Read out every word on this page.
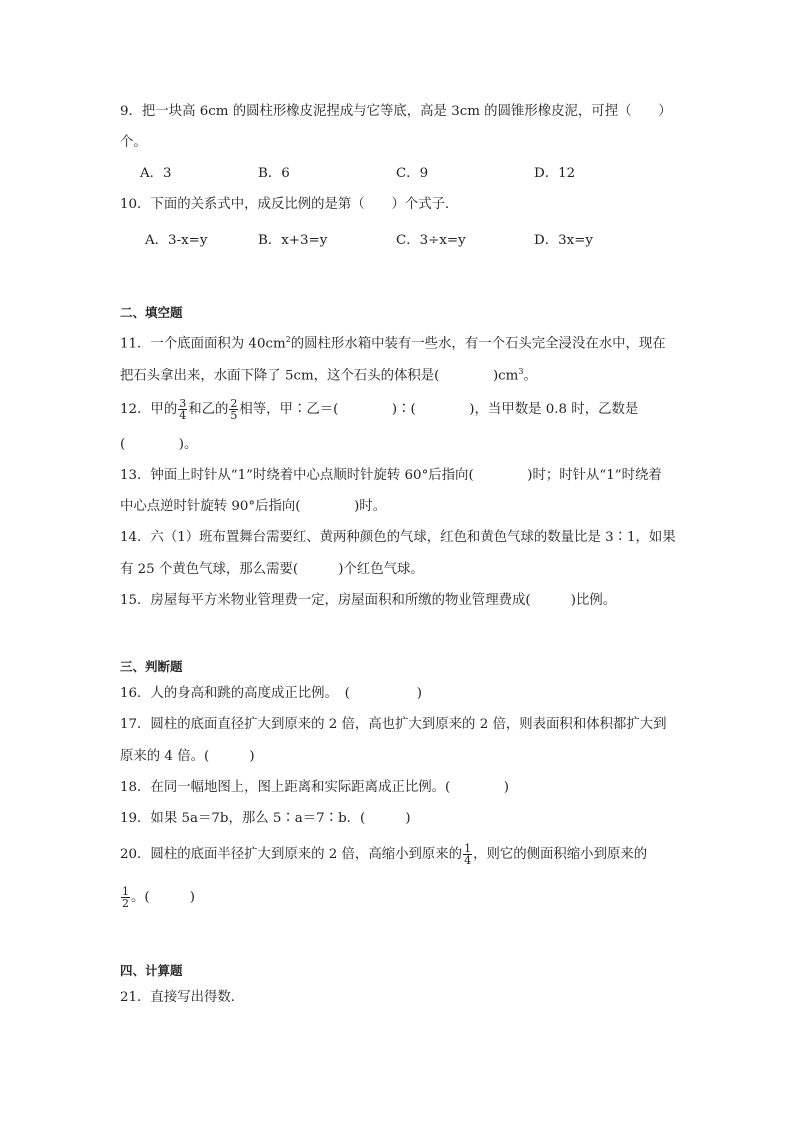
9．把一块高 6cm 的圆柱形橡皮泥捏成与它等底，高是 3cm 的圆锥形橡皮泥，可捏（　　）
个。
A．3	B．6	C．9	D．12
10．下面的关系式中，成反比例的是第（　　）个式子．
A．3-x=y	B．x+3=y	C．3÷x=y	D．3x=y
二、填空题
11．一个底面面积为 $40cm^2$的圆柱形水箱中装有一些水，有一个石头完全浸没在水中，现在
把石头拿出来，水面下降了 5cm，这个石头的体积是(　　　　)$cm^3$。
12．甲的 $\frac{3}{4}$ 和乙的 $\frac{2}{5}$ 相等，甲∶乙＝(　　　　)∶(　　　　)，当甲数是 0.8 时，乙数是
(　　　　)。
13．钟面上时针从“1”时绕着中心点顺时针旋转 60°后指向(　　　　)时；时针从“1”时绕着
中心点逆时针旋转 90°后指向(　　　　)时。
14．六（1）班布置舞台需要红、黄两种颜色的气球，红色和黄色气球的数量比是 3∶1，如果
有 25 个黄色气球，那么需要(　　　)个红色气球。
15．房屋每平方米物业管理费一定，房屋面积和所缴的物业管理费成(　　　)比例。
三、判断题
16．人的身高和跳的高度成正比例。　(　　　　　)
17．圆柱的底面直径扩大到原来的 2 倍，高也扩大到原来的 2 倍，则表面积和体积都扩大到
原来的 4 倍。(　　　)
18．在同一幅地图上，图上距离和实际距离成正比例。(　　　　)
19．如果 5a＝7b，那么 5∶a＝7∶b．(　　　)
20．圆柱的底面半径扩大到原来的 2 倍，高缩小到原来的 $\frac{1}{4}$ ，则它的侧面积缩小到原来的
$\frac{1}{2}$ 。(　　　)
四、计算题
21．直接写出得数．
